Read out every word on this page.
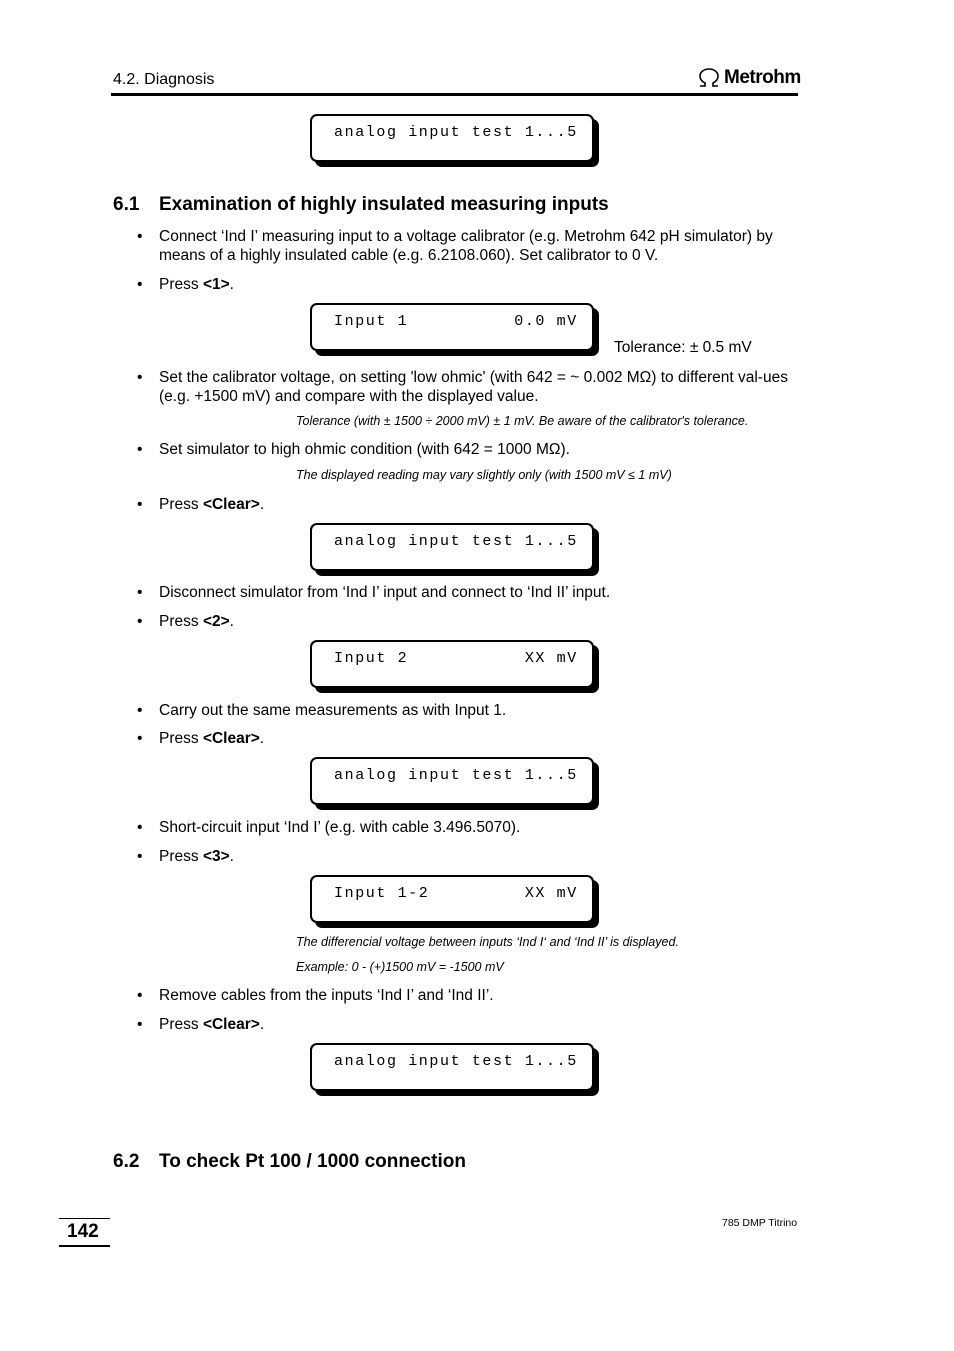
4.2. Diagnosis	Metrohm
analog input test 1...5
6.1 Examination of highly insulated measuring inputs
• Connect ‘Ind I’ measuring input to a voltage calibrator (e.g. Metrohm 642 pH simulator) by means of a highly insulated cable (e.g. 6.2108.060). Set calibrator to 0 V.
• Press <1>.
Input 1          0.0 mV
Tolerance: ± 0.5 mV
• Set the calibrator voltage, on setting 'low ohmic' (with 642 = ~ 0.002 MΩ) to different val-ues (e.g. +1500 mV) and compare with the displayed value.
Tolerance (with ± 1500 ÷ 2000 mV) ± 1 mV. Be aware of the calibrator's tolerance.
• Set simulator to high ohmic condition (with 642 = 1000 MΩ).
The displayed reading may vary slightly only (with 1500 mV ≤ 1 mV)
• Press <Clear>.
analog input test 1...5
• Disconnect simulator from ‘Ind I’ input and connect to ‘Ind II’ input.
• Press <2>.
Input 2           XX mV
• Carry out the same measurements as with Input 1.
• Press <Clear>.
analog input test 1...5
• Short-circuit input ‘Ind I’ (e.g. with cable 3.496.5070).
• Press <3>.
Input 1-2         XX mV
The differencial voltage between inputs ‘Ind I‘ and ‘Ind II’ is displayed.
Example: 0 - (+)1500 mV = -1500 mV
• Remove cables from the inputs ‘Ind I’ and ‘Ind II’.
• Press <Clear>.
analog input test 1...5
6.2 To check Pt 100 / 1000 connection
142	785 DMP Titrino
